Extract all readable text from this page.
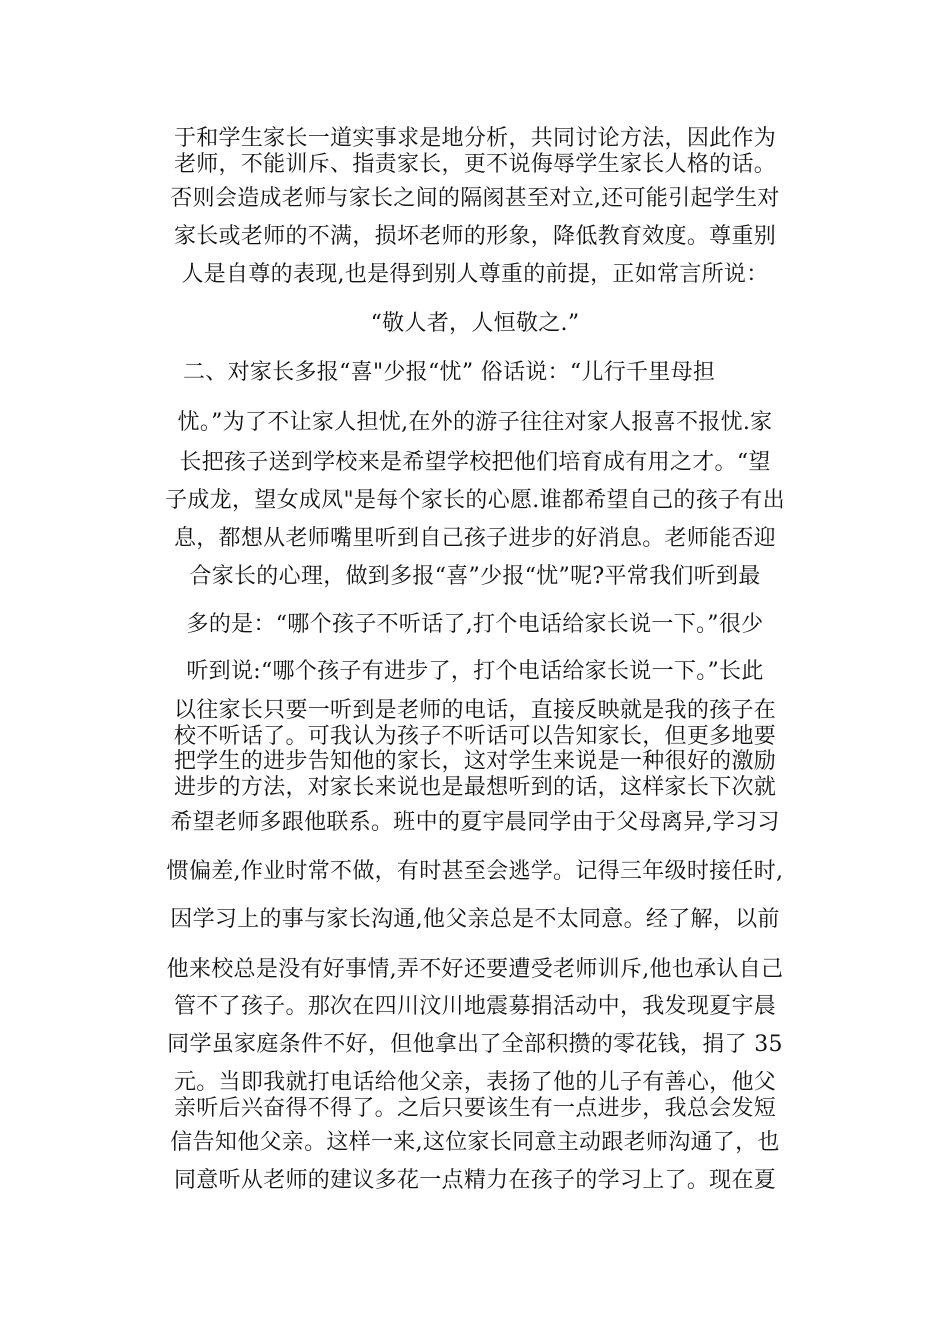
于和学生家长一道实事求是地分析，共同讨论方法，因此作为
老师，不能训斥、指责家长，更不说侮辱学生家长人格的话。
否则会造成老师与家长之间的隔阂甚至对立,还可能引起学生对
家长或老师的不满，损坏老师的形象，降低教育效度。尊重别
人是自尊的表现,也是得到别人尊重的前提，正如常言所说：
“敬人者，人恒敬之.”
二、对家长多报“喜"少报“忧” 俗话说：“儿行千里母担
忧。”为了不让家人担忧,在外的游子往往对家人报喜不报忧.家
长把孩子送到学校来是希望学校把他们培育成有用之才。“望
子成龙，望女成凤"是每个家长的心愿.谁都希望自己的孩子有出
息，都想从老师嘴里听到自己孩子进步的好消息。老师能否迎
合家长的心理，做到多报“喜”少报“忧”呢?平常我们听到最
多的是：“哪个孩子不听话了,打个电话给家长说一下。”很少
听到说:“哪个孩子有进步了，打个电话给家长说一下。”长此
以往家长只要一听到是老师的电话，直接反映就是我的孩子在
校不听话了。可我认为孩子不听话可以告知家长，但更多地要
把学生的进步告知他的家长，这对学生来说是一种很好的激励
进步的方法，对家长来说也是最想听到的话，这样家长下次就
希望老师多跟他联系。班中的夏宇晨同学由于父母离异,学习习
惯偏差,作业时常不做，有时甚至会逃学。记得三年级时接任时,
因学习上的事与家长沟通,他父亲总是不太同意。经了解，以前
他来校总是没有好事情,弄不好还要遭受老师训斥,他也承认自己
管不了孩子。那次在四川汶川地震募捐活动中，我发现夏宇晨
同学虽家庭条件不好，但他拿出了全部积攒的零花钱，捐了 35
元。当即我就打电话给他父亲，表扬了他的儿子有善心，他父
亲听后兴奋得不得了。之后只要该生有一点进步，我总会发短
信告知他父亲。这样一来,这位家长同意主动跟老师沟通了，也
同意听从老师的建议多花一点精力在孩子的学习上了。现在夏
